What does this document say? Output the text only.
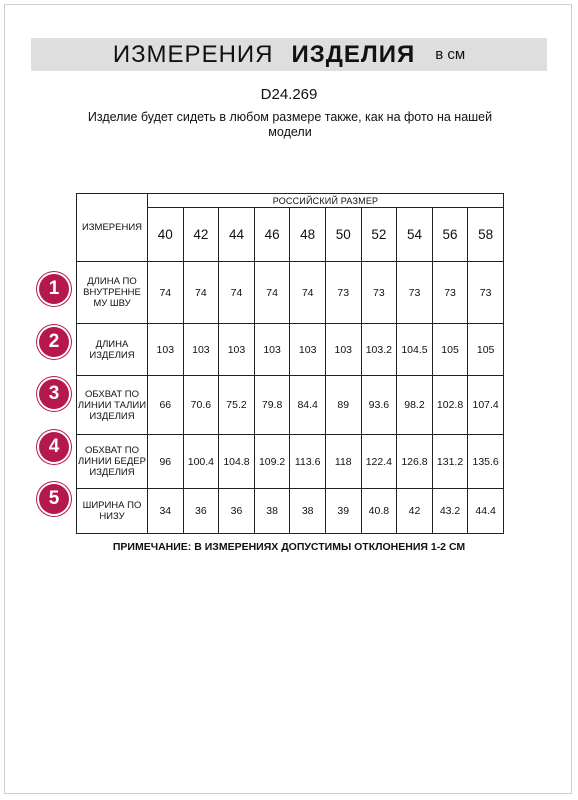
ИЗМЕРЕНИЯ ИЗДЕЛИЯ в см
D24.269
Изделие будет сидеть в любом размере также, как на фото на нашей модели
ИЗМЕРЕНИЯ	РОССИЙСКИЙ РАЗМЕР									
	40	42	44	46	48	50	52	54	56	58
ДЛИНА ПО ВНУТРЕННЕ МУ ШВУ	74	74	74	74	74	73	73	73	73	73
ДЛИНА ИЗДЕЛИЯ	103	103	103	103	103	103	103.2	104.5	105	105
ОБХВАТ ПО ЛИНИИ ТАЛИИ ИЗДЕЛИЯ	66	70.6	75.2	79.8	84.4	89	93.6	98.2	102.8	107.4
ОБХВАТ ПО ЛИНИИ БЕДЕР ИЗДЕЛИЯ	96	100.4	104.8	109.2	113.6	118	122.4	126.8	131.2	135.6
ШИРИНА ПО НИЗУ	34	36	36	38	38	39	40.8	42	43.2	44.4
1
2
3
4
5
ПРИМЕЧАНИЕ: В ИЗМЕРЕНИЯХ ДОПУСТИМЫ ОТКЛОНЕНИЯ 1-2 СМ
